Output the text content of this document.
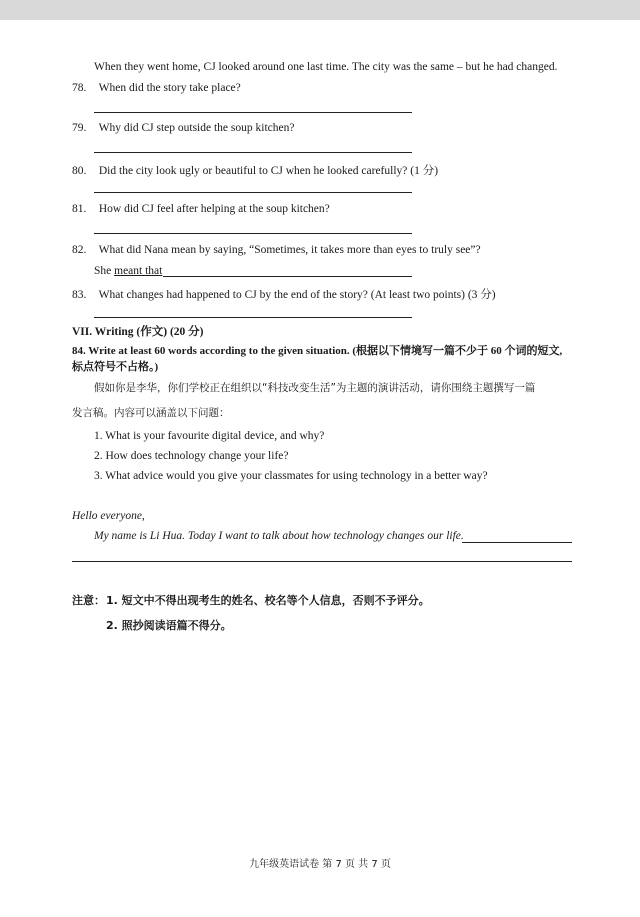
When they went home, CJ looked around one last time. The city was the same – but he had changed.
78. When did the story take place?
79. Why did CJ step outside the soup kitchen?
80. Did the city look ugly or beautiful to CJ when he looked carefully? (1 分)
81. How did CJ feel after helping at the soup kitchen?
82. What did Nana mean by saying, “Sometimes, it takes more than eyes to truly see”?
She meant that
83. What changes had happened to CJ by the end of the story? (At least two points) (3 分)
VII. Writing (作文) (20 分)
84. Write at least 60 words according to the given situation. (根据以下情境写一篇不少于 60 个词的短文,
标点符号不占格。)
假如你是李华，你们学校正在组织以“科技改变生活”为主题的演讲活动，请你围绕主题撰写一篇
发言稿。内容可以涵盖以下问题：
1. What is your favourite digital device, and why?
2. How does technology change your life?
3. What advice would you give your classmates for using technology in a better way?
Hello everyone,
My name is Li Hua. Today I want to talk about how technology changes our life.
注意： 1. 短文中不得出现考生的姓名、校名等个人信息，否则不予评分。
2. 照抄阅读语篇不得分。
九年级英语试卷 第 7 页 共 7 页
